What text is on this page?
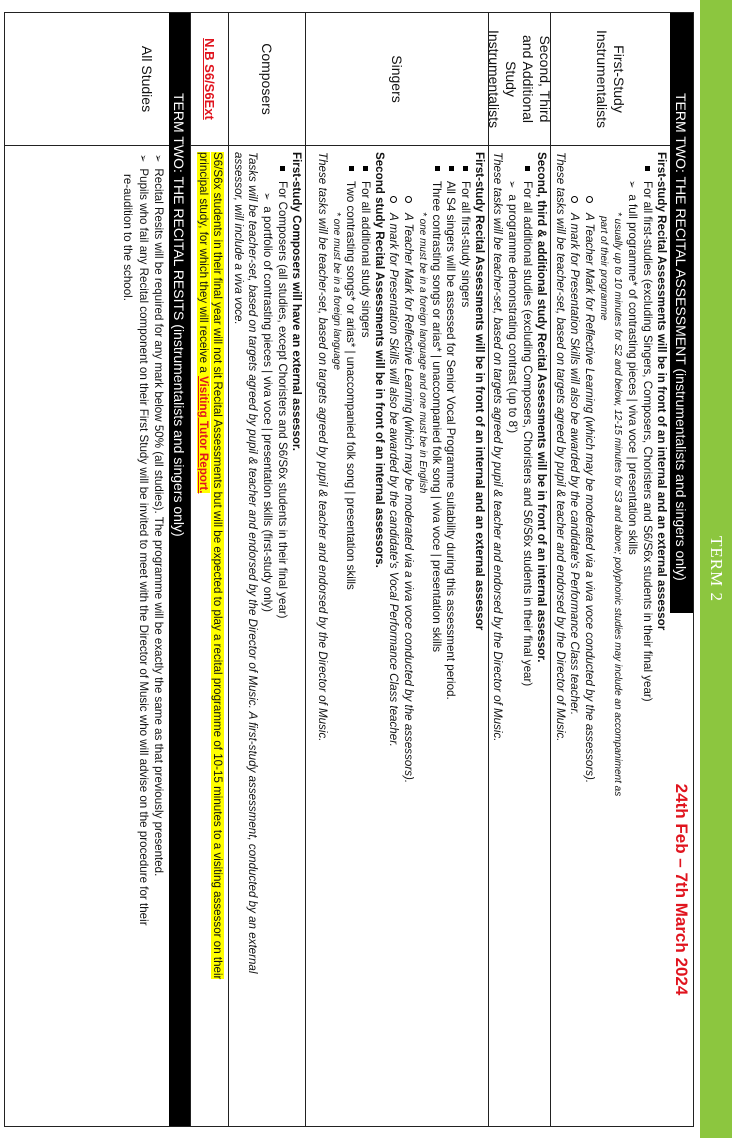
TERM 2
TERM TWO: THE RECITAL ASSESSMENT (instrumentalists and singers only)
24th Feb – 7th March 2024
First-Study Instrumentalists
First-study Recital Assessments will be in front of an internal and an external assessor
For all first-studies (excluding Singers, Composers, Choristers and S6/S6x students in their final year)
➢a full programme* of contrasting pieces | viva voce | presentation skills
* usually up to 10 minutes for S2 and below, 12-15 minutes for S3 and above; polyphonic studies may include an accompaniment as
part of their programme
A Teacher Mark for Reflective Learning (which may be moderated via a viva voce conducted by the assessors).
A mark for Presentation Skills will also be awarded by the candidate's Performance Class teacher.
These tasks will be teacher-set, based on targets agreed by pupil & teacher and endorsed by the Director of Music.
Second, Third
and Additional
Study
Instrumentalists
Second, third & additional study Recital Assessments will be in front of an internal assessor.
For all additional studies (excluding Composers, Choristers and S6/S6x students in their final year)
➢a programme demonstrating contrast (up to 8')
These tasks will be teacher-set, based on targets agreed by pupil & teacher and endorsed by the Director of Music.
Singers
First-study Recital Assessments will be in front of an internal and an external assessor
For all first-study singers
All S4 singers will be assessed for Senior Vocal Programme suitability during this assessment period.
Three contrasting songs or arias* | unaccompanied folk song | viva voce | presentation skills
* one must be in a foreign language and one must be in English
A Teacher Mark for Reflective Learning (which may be moderated via a viva voce conducted by the assessors).
A mark for Presentation Skills will also be awarded by the candidate's Vocal Performance Class teacher.
Second study Recital Assessments will be in front of an internal assessors.
For all additional study singers
Two contrasting songs* or arias* | unaccompanied folk song | presentation skills
* one must be in a foreign language
These tasks will be teacher-set, based on targets agreed by pupil & teacher and endorsed by the Director of Music.
Composers
First-study Composers will have an external assessor.
For Composers (all studies, except Choristers and S6/S6x students in their final year)
➢a portfolio of contrasting pieces | viva voce | presentation skills (first-study only)
Tasks will be teacher-set, based on targets agreed by pupil & teacher and endorsed by the Director of Music. A first-study assessment, conducted by an external
assessor, will include a viva voce.
N.B S6/S6Ext
S6/S6x students in their final year will not sit Recital Assessments but will be expected to play a recital programme of 10-15 minutes to a visiting assessor on their
principal study, for which they will receive a Visiting Tutor Report.
TERM TWO: THE RECITAL RESITS (instrumentalists and singers only)
All Studies
➢Recital Resits will be required for any mark below 50% (all studies). The programme will be exactly the same as that previously presented.
➢Pupils who fail any Recital component on their First Study will be invited to meet with the Director of Music who will advise on the procedure for their
re-audition to the school.
